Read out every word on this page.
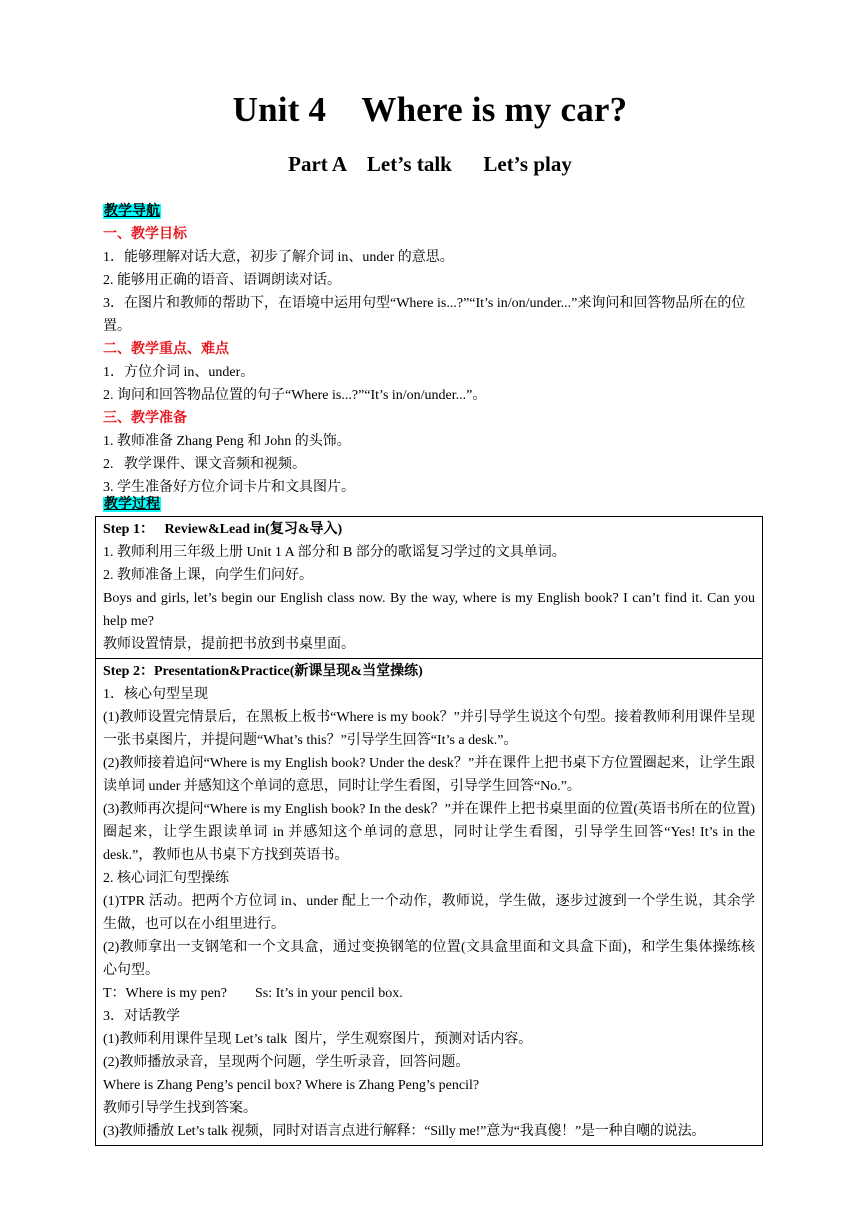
Unit 4    Where is my car?
Part A    Let’s talk      Let’s play
教学导航
一、教学目标
1．能够理解对话大意，初步了解介词 in、under 的意思。
2. 能够用正确的语音、语调朗读对话。
3．在图片和教师的帮助下，在语境中运用句型“Where is...?”“It’s in/on/under...”来询问和回答物品所在的位置。
二、教学重点、难点
1．方位介词 in、under。
2. 询问和回答物品位置的句子“Where is...?”“It’s in/on/under...”。
三、教学准备
1. 教师准备 Zhang Peng 和 John 的头饰。
2.   教学课件、课文音频和视频。
3. 学生准备好方位介词卡片和文具图片。
教学过程
Step 1：   Review&Lead in(复习&导入)
1. 教师利用三年级上册 Unit 1 A 部分和 B 部分的歌谣复习学过的文具单词。
2. 教师准备上课，向学生们问好。
Boys and girls, let’s begin our English class now. By the way, where is my English book? I can’t find it. Can you help me?
教师设置情景，提前把书放到书桌里面。
Step 2：Presentation&Practice(新课呈现&当堂操练)
1．核心句型呈现
(1)教师设置完情景后，在黑板上板书“Where is my book？”并引导学生说这个句型。接着教师利用课件呈现一张书桌图片，并提问题“What’s this？”引导学生回答“It’s a desk.”。
(2)教师接着追问“Where is my English book? Under the desk？”并在课件上把书桌下方位置圈起来，让学生跟读单词 under 并感知这个单词的意思，同时让学生看图，引导学生回答“No.”。
(3)教师再次提问“Where is my English book? In the desk？”并在课件上把书桌里面的位置(英语书所在的位置)圈起来，让学生跟读单词 in 并感知这个单词的意思，同时让学生看图，引导学生回答“Yes! It’s in the desk.”，教师也从书桌下方找到英语书。
2. 核心词汇句型操练
(1)TPR 活动。把两个方位词 in、under 配上一个动作，教师说，学生做，逐步过渡到一个学生说，其余学生做，也可以在小组里进行。
(2)教师拿出一支钢笔和一个文具盒，通过变换钢笔的位置(文具盒里面和文具盒下面)，和学生集体操练核心句型。
T：Where is my pen? Ss: It’s in your pencil box.
3．对话教学
(1)教师利用课件呈现 Let’s talk  图片，学生观察图片，预测对话内容。
(2)教师播放录音，呈现两个问题，学生听录音，回答问题。
Where is Zhang Peng’s pencil box? Where is Zhang Peng’s pencil?
教师引导学生找到答案。
(3)教师播放 Let’s talk 视频，同时对语言点进行解释：“Silly me!”意为“我真傻！”是一种自嘲的说法。
